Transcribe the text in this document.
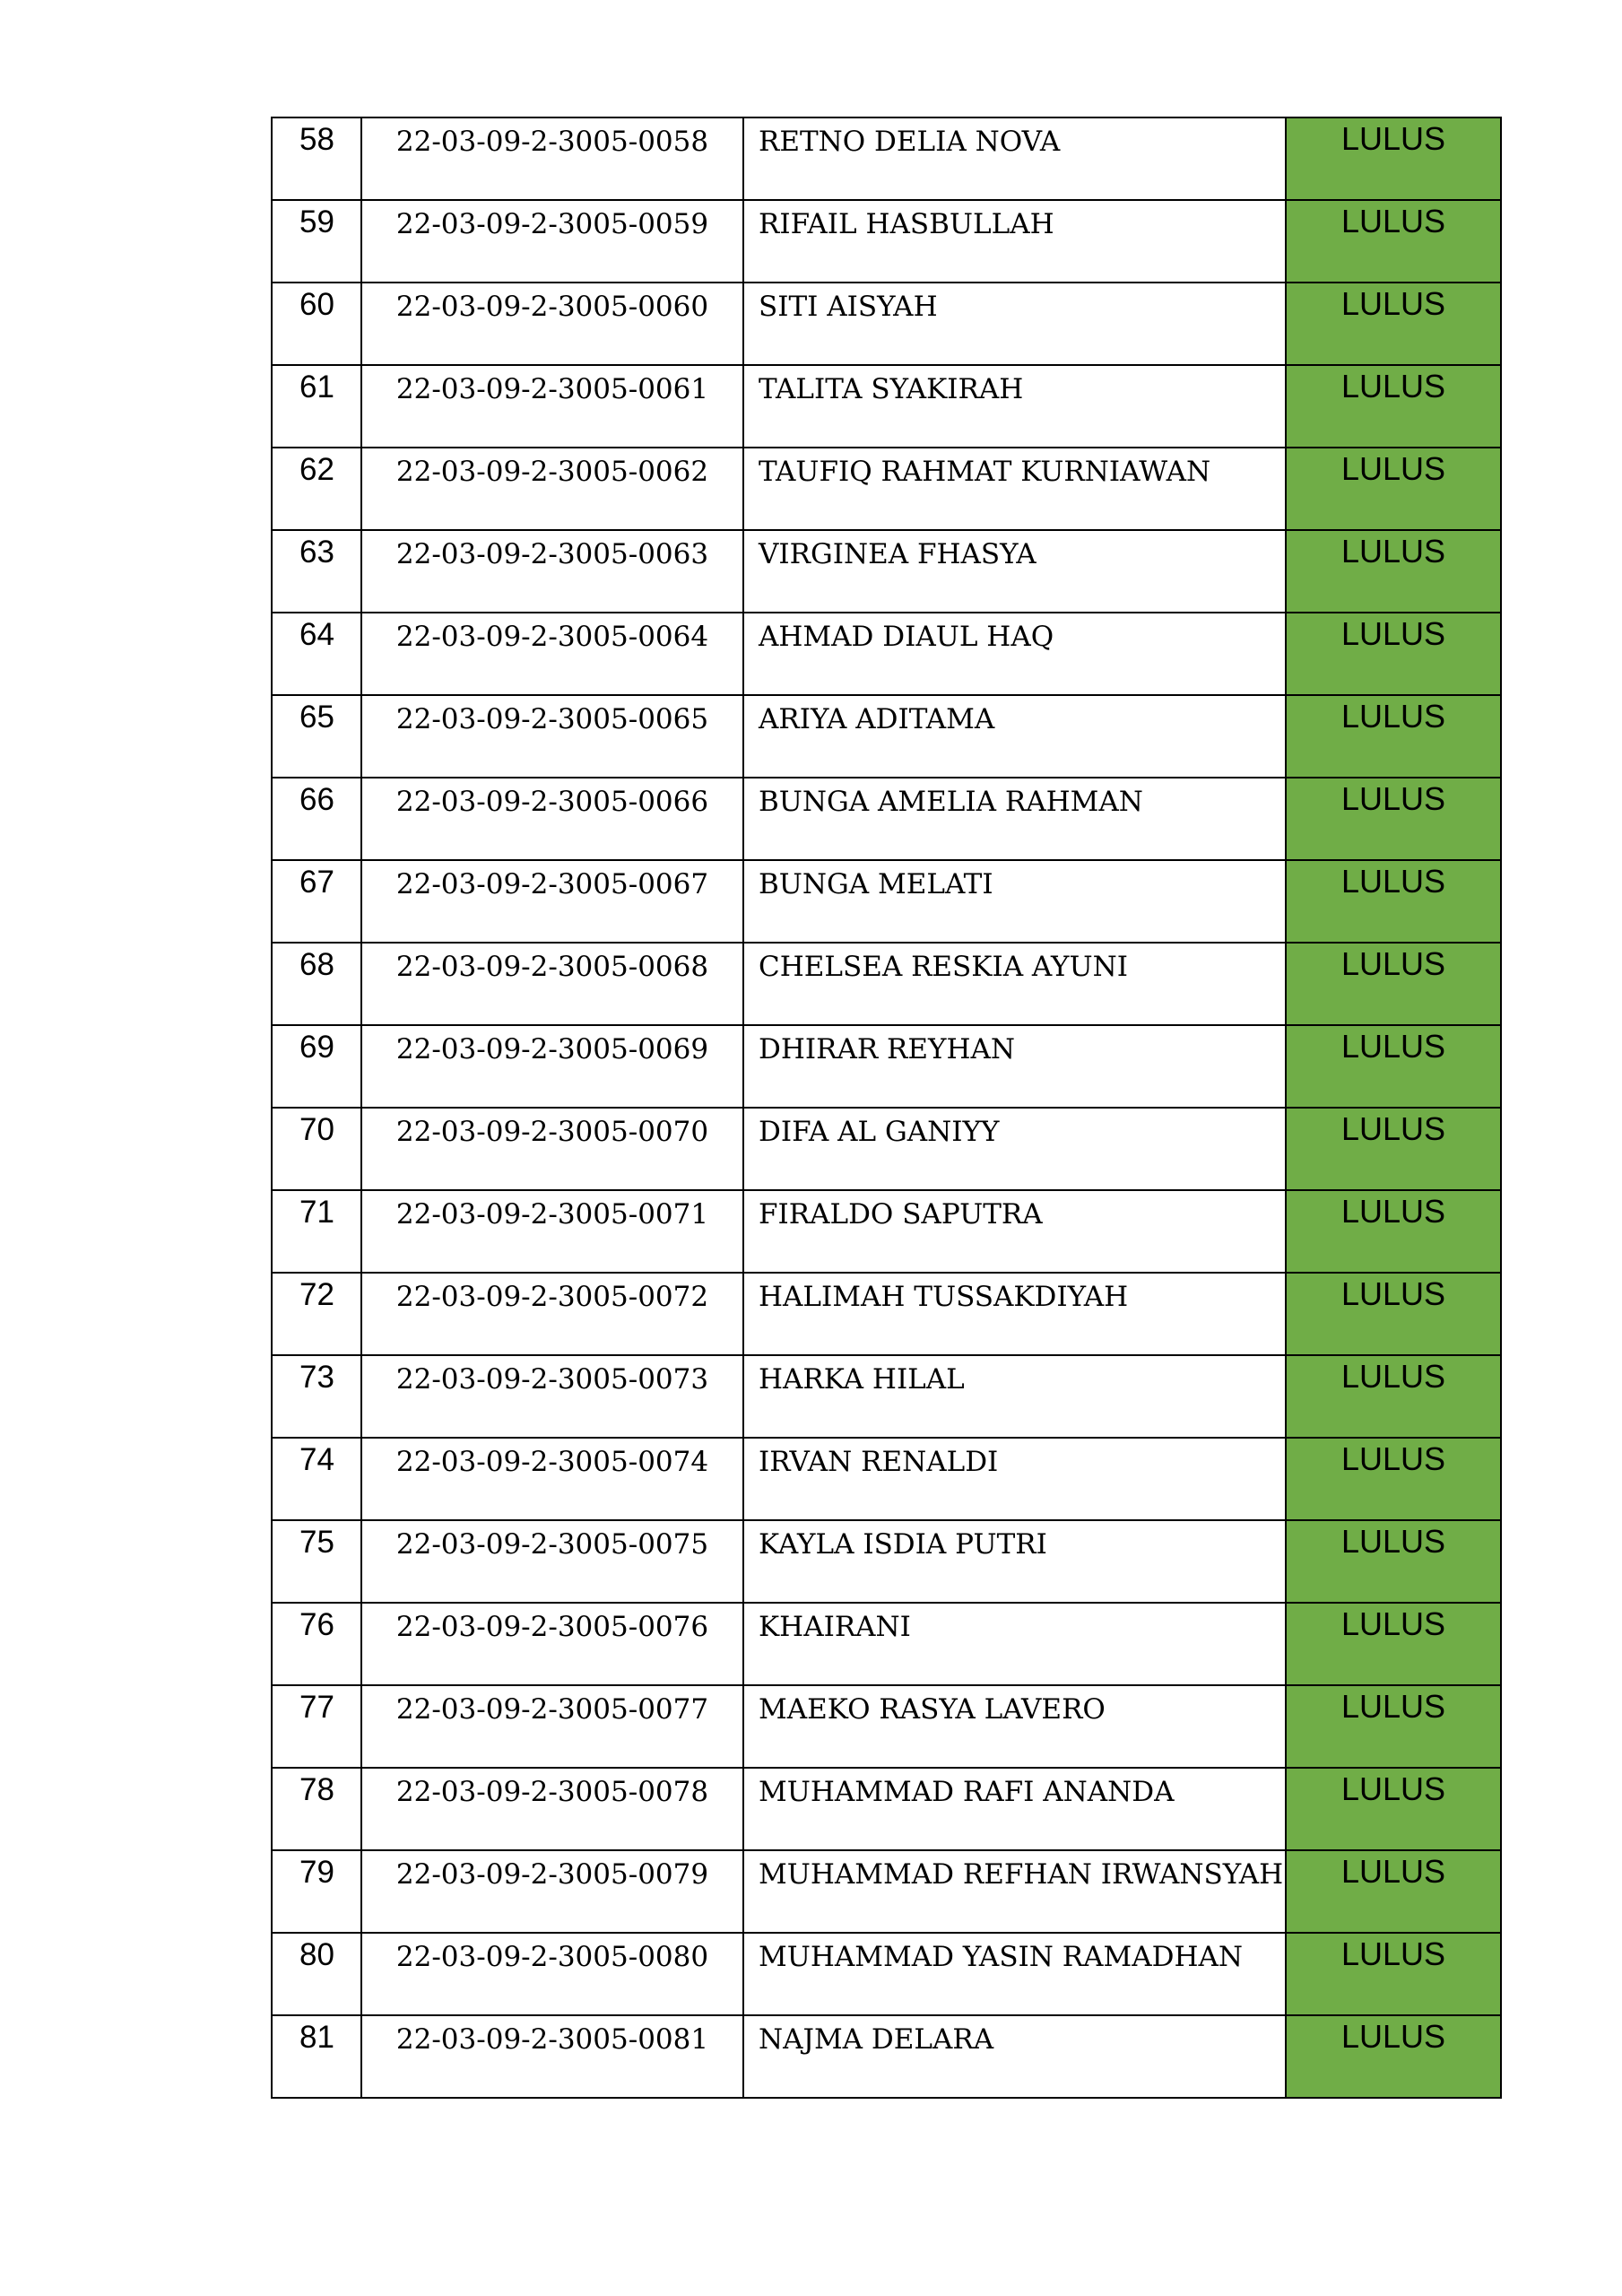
58	22-03-09-2-3005-0058	RETNO DELIA NOVA	LULUS
59	22-03-09-2-3005-0059	RIFAIL HASBULLAH	LULUS
60	22-03-09-2-3005-0060	SITI AISYAH	LULUS
61	22-03-09-2-3005-0061	TALITA SYAKIRAH	LULUS
62	22-03-09-2-3005-0062	TAUFIQ RAHMAT KURNIAWAN	LULUS
63	22-03-09-2-3005-0063	VIRGINEA FHASYA	LULUS
64	22-03-09-2-3005-0064	AHMAD DIAUL HAQ	LULUS
65	22-03-09-2-3005-0065	ARIYA ADITAMA	LULUS
66	22-03-09-2-3005-0066	BUNGA AMELIA RAHMAN	LULUS
67	22-03-09-2-3005-0067	BUNGA MELATI	LULUS
68	22-03-09-2-3005-0068	CHELSEA RESKIA AYUNI	LULUS
69	22-03-09-2-3005-0069	DHIRAR REYHAN	LULUS
70	22-03-09-2-3005-0070	DIFA AL GANIYY	LULUS
71	22-03-09-2-3005-0071	FIRALDO SAPUTRA	LULUS
72	22-03-09-2-3005-0072	HALIMAH TUSSAKDIYAH	LULUS
73	22-03-09-2-3005-0073	HARKA HILAL	LULUS
74	22-03-09-2-3005-0074	IRVAN RENALDI	LULUS
75	22-03-09-2-3005-0075	KAYLA ISDIA PUTRI	LULUS
76	22-03-09-2-3005-0076	KHAIRANI	LULUS
77	22-03-09-2-3005-0077	MAEKO RASYA LAVERO	LULUS
78	22-03-09-2-3005-0078	MUHAMMAD RAFI ANANDA	LULUS
79	22-03-09-2-3005-0079	MUHAMMAD REFHAN IRWANSYAH	LULUS
80	22-03-09-2-3005-0080	MUHAMMAD YASIN RAMADHAN	LULUS
81	22-03-09-2-3005-0081	NAJMA DELARA	LULUS
